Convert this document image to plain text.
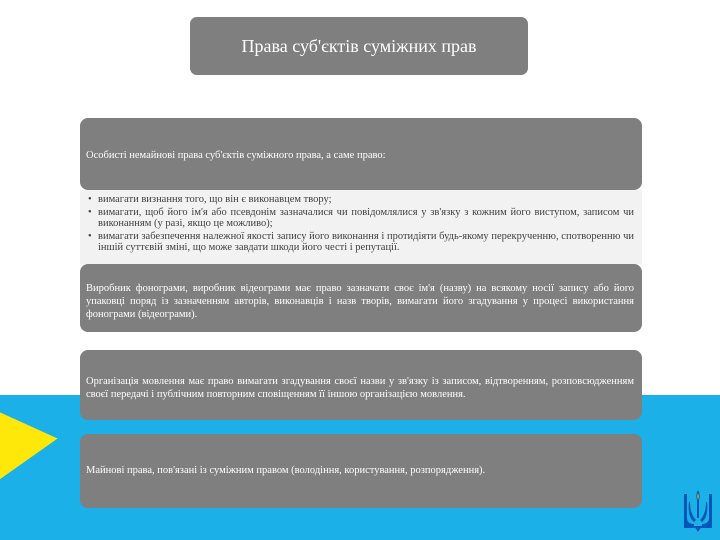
Права суб'єктів суміжних прав
Особисті немайнові права суб'єктів суміжного права, а саме право:
• вимагати визнання того, що він є виконавцем твору;
• вимагати, щоб його ім'я або псевдонім зазначалися чи повідомлялися у зв'язку з кожним його виступом, записом чи виконанням (у разі, якщо це можливо);
• вимагати забезпечення належної якості запису його виконання і протидіяти будь-якому перекрученню, спотворенню чи іншій суттєвій зміні, що може завдати шкоди його честі і репутації.
Виробник фонограми, виробник відеограми має право зазначати своє ім'я (назву) на всякому носії запису або його упаковці поряд із зазначенням авторів, виконавців і назв творів, вимагати його згадування у процесі використання фонограми (відеограми).
Організація мовлення має право вимагати згадування своєї назви у зв'язку із записом, відтворенням, розповсюдженням своєї передачі і публічним повторним сповіщенням її іншою організацією мовлення.
Майнові права, пов'язані із суміжним правом (володіння, користування, розпорядження).
